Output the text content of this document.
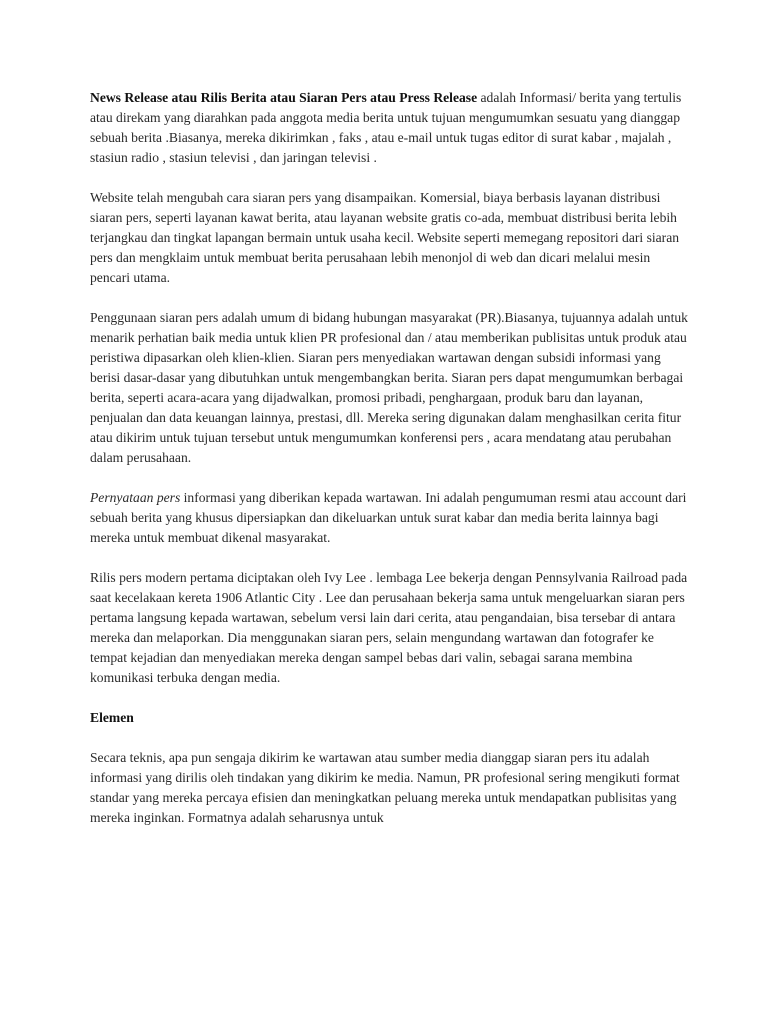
News Release atau Rilis Berita atau Siaran Pers atau Press Release adalah Informasi/ berita yang tertulis atau direkam yang diarahkan pada anggota media berita untuk tujuan mengumumkan sesuatu yang dianggap sebuah berita .Biasanya, mereka dikirimkan , faks , atau e-mail untuk tugas editor di surat kabar , majalah , stasiun radio , stasiun televisi , dan jaringan televisi .

Website telah mengubah cara siaran pers yang disampaikan. Komersial, biaya berbasis layanan distribusi siaran pers, seperti layanan kawat berita, atau layanan website gratis co-ada, membuat distribusi berita lebih terjangkau dan tingkat lapangan bermain untuk usaha kecil. Website seperti memegang repositori dari siaran pers dan mengklaim untuk membuat berita perusahaan lebih menonjol di web dan dicari melalui mesin pencari utama.

Penggunaan siaran pers adalah umum di bidang hubungan masyarakat (PR).Biasanya, tujuannya adalah untuk menarik perhatian baik media untuk klien PR profesional dan / atau memberikan publisitas untuk produk atau peristiwa dipasarkan oleh klien-klien. Siaran pers menyediakan wartawan dengan subsidi informasi yang berisi dasar-dasar yang dibutuhkan untuk mengembangkan berita. Siaran pers dapat mengumumkan berbagai berita, seperti acara-acara yang dijadwalkan, promosi pribadi, penghargaan, produk baru dan layanan, penjualan dan data keuangan lainnya, prestasi, dll. Mereka sering digunakan dalam menghasilkan cerita fitur atau dikirim untuk tujuan tersebut untuk mengumumkan konferensi pers , acara mendatang atau perubahan dalam perusahaan.

Pernyataan pers informasi yang diberikan kepada wartawan. Ini adalah pengumuman resmi atau account dari sebuah berita yang khusus dipersiapkan dan dikeluarkan untuk surat kabar dan media berita lainnya bagi mereka untuk membuat dikenal masyarakat.

Rilis pers modern pertama diciptakan oleh Ivy Lee . lembaga Lee bekerja dengan Pennsylvania Railroad pada saat kecelakaan kereta 1906 Atlantic City . Lee dan perusahaan bekerja sama untuk mengeluarkan siaran pers pertama langsung kepada wartawan, sebelum versi lain dari cerita, atau pengandaian, bisa tersebar di antara mereka dan melaporkan. Dia menggunakan siaran pers, selain mengundang wartawan dan fotografer ke tempat kejadian dan menyediakan mereka dengan sampel bebas dari valin, sebagai sarana membina komunikasi terbuka dengan media.

Elemen

Secara teknis, apa pun sengaja dikirim ke wartawan atau sumber media dianggap siaran pers itu adalah informasi yang dirilis oleh tindakan yang dikirim ke media. Namun, PR profesional sering mengikuti format standar yang mereka percaya efisien dan meningkatkan peluang mereka untuk mendapatkan publisitas yang mereka inginkan. Formatnya adalah seharusnya untuk
